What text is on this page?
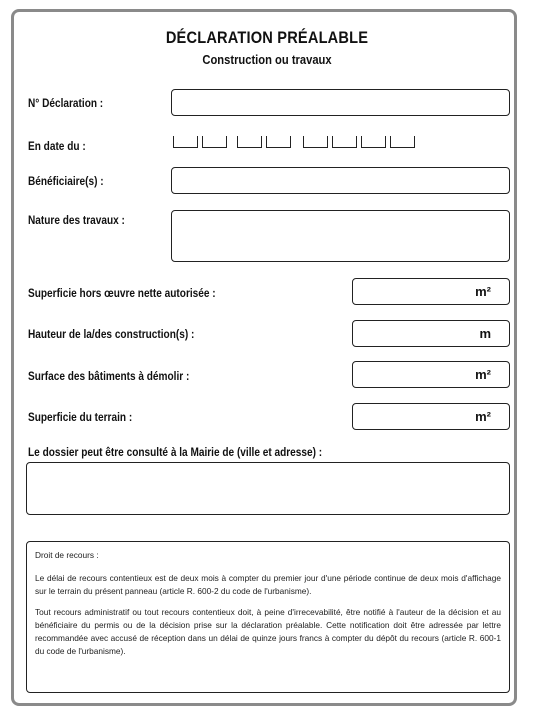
DÉCLARATION PRÉALABLE
Construction ou travaux
N° Déclaration :
En date du :
Bénéficiaire(s) :
Nature des travaux :
Superficie hors œuvre nette autorisée :	m²
Hauteur de la/des construction(s) :	m
Surface des bâtiments à démolir :	m²
Superficie du terrain :	m²
Le dossier peut être consulté à la Mairie de (ville et adresse) :

Droit de recours :

Le délai de recours contentieux est de deux mois à compter du premier jour d'une période continue de deux mois d'affichage sur le terrain du présent panneau (article R. 600-2 du code de l'urbanisme).

Tout recours administratif ou tout recours contentieux doit, à peine d'irrecevabilité, être notifié à l'auteur de la décision et au bénéficiaire du permis ou de la décision prise sur la déclaration préalable. Cette notification doit être adressée par lettre recommandée avec accusé de réception dans un délai de quinze jours francs à compter du dépôt du recours (article R. 600-1 du code de l'urbanisme).
